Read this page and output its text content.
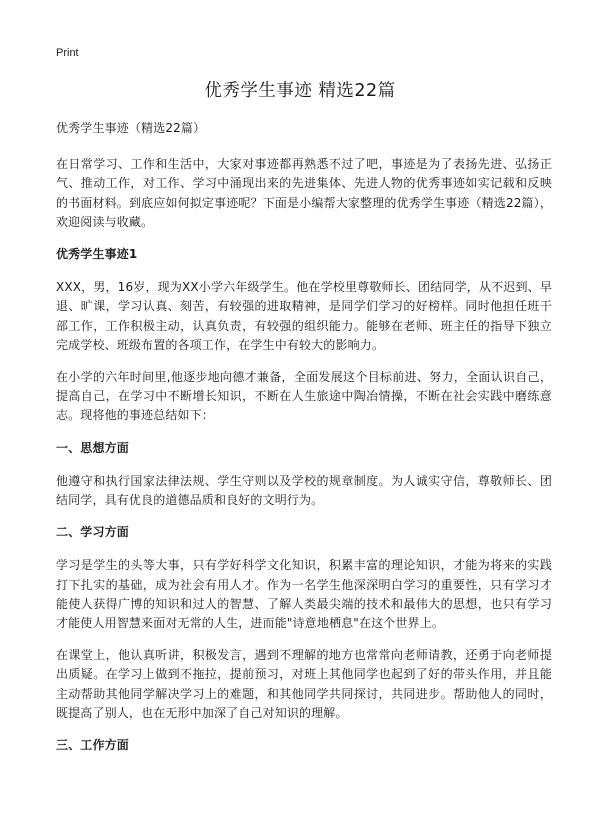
Print
优秀学生事迹 精选22篇

优秀学生事迹（精选22篇）

在日常学习、工作和生活中，大家对事迹都再熟悉不过了吧，事迹是为了表扬先进、弘扬正气、推动工作，对工作、学习中涌现出来的先进集体、先进人物的优秀事迹如实记载和反映的书面材料。到底应如何拟定事迹呢？下面是小编帮大家整理的优秀学生事迹（精选22篇），欢迎阅读与收藏。

优秀学生事迹1

XXX，男，16岁，现为XX小学六年级学生。他在学校里尊敬师长、团结同学，从不迟到、早退、旷课，学习认真、刻苦，有较强的进取精神，是同学们学习的好榜样。同时他担任班干部工作，工作积极主动，认真负责，有较强的组织能力。能够在老师、班主任的指导下独立完成学校、班级布置的各项工作，在学生中有较大的影响力。

在小学的六年时间里,他逐步地向德才兼备，全面发展这个目标前进、努力，全面认识自己，提高自己，在学习中不断增长知识，不断在人生旅途中陶冶情操，不断在社会实践中磨练意志。现将他的事迹总结如下：

一、思想方面

他遵守和执行国家法律法规、学生守则以及学校的规章制度。为人诚实守信，尊敬师长、团结同学，具有优良的道德品质和良好的文明行为。

二、学习方面

学习是学生的头等大事，只有学好科学文化知识，积累丰富的理论知识，才能为将来的实践打下扎实的基础，成为社会有用人才。作为一名学生他深深明白学习的重要性，只有学习才能使人获得广博的知识和过人的智慧、了解人类最尖端的技术和最伟大的思想，也只有学习才能使人用智慧来面对无常的人生，进而能"诗意地栖息"在这个世界上。

在课堂上，他认真听讲，积极发言，遇到不理解的地方也常常向老师请教，还勇于向老师提出质疑。在学习上做到不拖拉，提前预习，对班上其他同学也起到了好的带头作用，并且能主动帮助其他同学解决学习上的难题，和其他同学共同探讨，共同进步。帮助他人的同时，既提高了别人，也在无形中加深了自己对知识的理解。

三、工作方面
